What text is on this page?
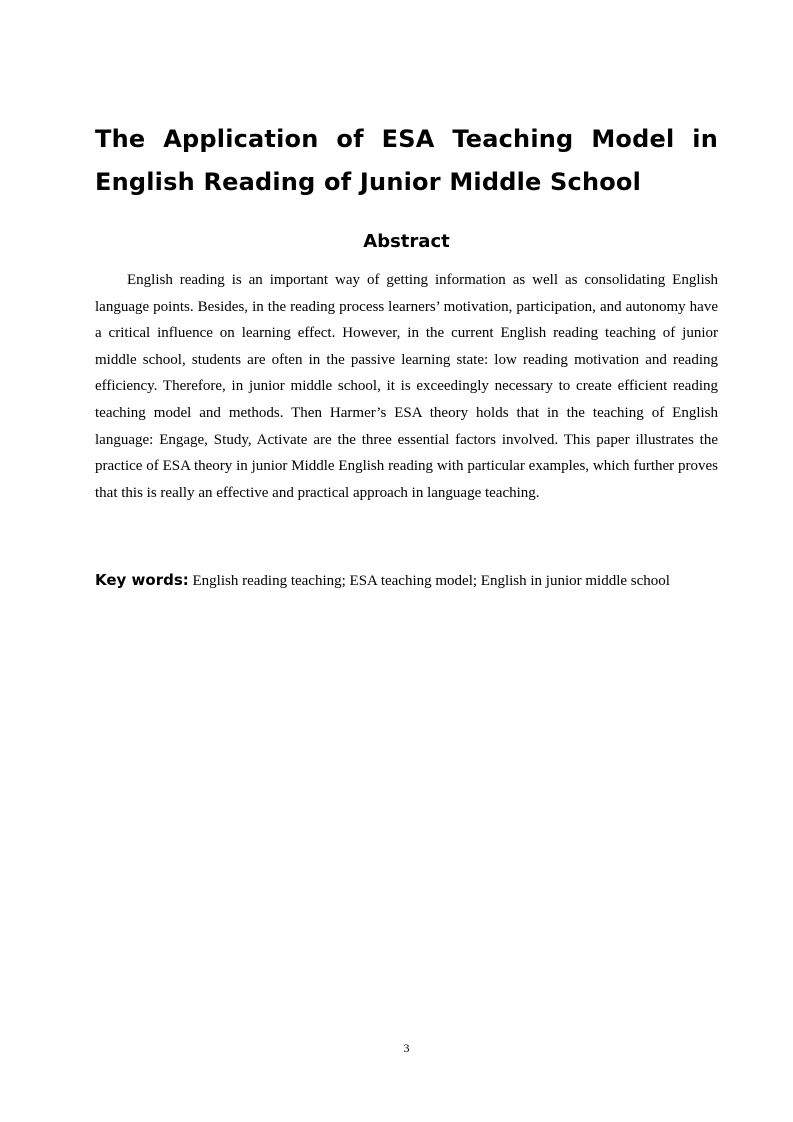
The Application of ESA Teaching Model in English Reading of Junior Middle School
Abstract

English reading is an important way of getting information as well as consolidating English language points. Besides, in the reading process learners’ motivation, participation, and autonomy have a critical influence on learning effect. However, in the current English reading teaching of junior middle school, students are often in the passive learning state: low reading motivation and reading efficiency. Therefore, in junior middle school, it is exceedingly necessary to create efficient reading teaching model and methods. Then Harmer’s ESA theory holds that in the teaching of English language: Engage, Study, Activate are the three essential factors involved. This paper illustrates the practice of ESA theory in junior Middle English reading with particular examples, which further proves that this is really an effective and practical approach in language teaching.

Key words: English reading teaching; ESA teaching model; English in junior middle school

3
